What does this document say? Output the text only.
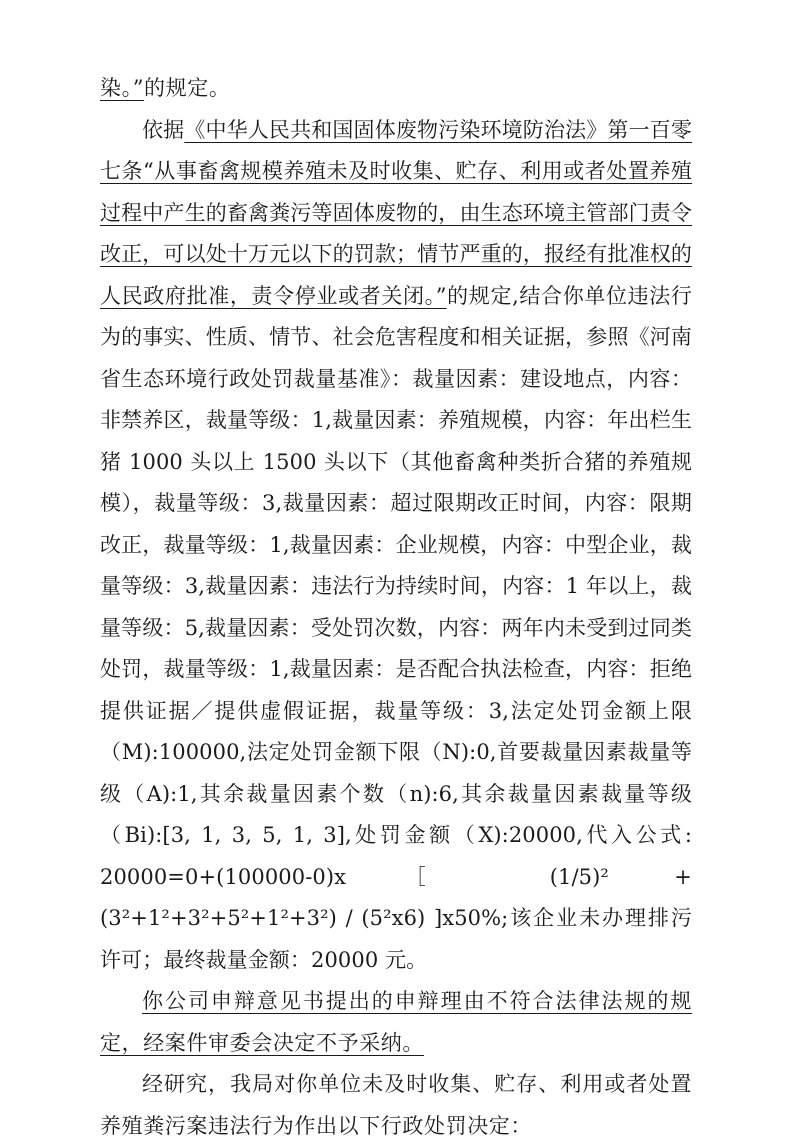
染。”的规定。

依据《中华人民共和国固体废物污染环境防治法》第一百零七条“从事畜禽规模养殖未及时收集、贮存、利用或者处置养殖过程中产生的畜禽粪污等固体废物的，由生态环境主管部门责令改正，可以处十万元以下的罚款；情节严重的，报经有批准权的人民政府批准，责令停业或者关闭。”的规定,结合你单位违法行为的事实、性质、情节、社会危害程度和相关证据，参照《河南省生态环境行政处罚裁量基准》：裁量因素：建设地点，内容：非禁养区，裁量等级：1,裁量因素：养殖规模，内容：年出栏生猪 1000 头以上 1500 头以下（其他畜禽种类折合猪的养殖规模），裁量等级：3,裁量因素：超过限期改正时间，内容：限期改正，裁量等级：1,裁量因素：企业规模，内容：中型企业，裁量等级：3,裁量因素：违法行为持续时间，内容：1 年以上，裁量等级：5,裁量因素：受处罚次数，内容：两年内未受到过同类处罚，裁量等级：1,裁量因素：是否配合执法检查，内容：拒绝提供证据／提供虚假证据，裁量等级：3,法定处罚金额上限（M):100000,法定处罚金额下限（N):0,首要裁量因素裁量等级（A):1,其余裁量因素个数（n):6,其余裁量因素裁量等级（Bi):[3, 1, 3, 5, 1, 3],处罚金额（X):20000,代入公式: 20000=0+(100000-0)x［ (1/5)² + (3²+1²+3²+5²+1²+3²) / (5²x6) ]x50%;该企业未办理排污许可；最终裁量金额：20000 元。

你公司申辩意见书提出的申辩理由不符合法律法规的规定，经案件审委会决定不予采纳。

经研究，我局对你单位未及时收集、贮存、利用或者处置养殖粪污案违法行为作出以下行政处罚决定：
